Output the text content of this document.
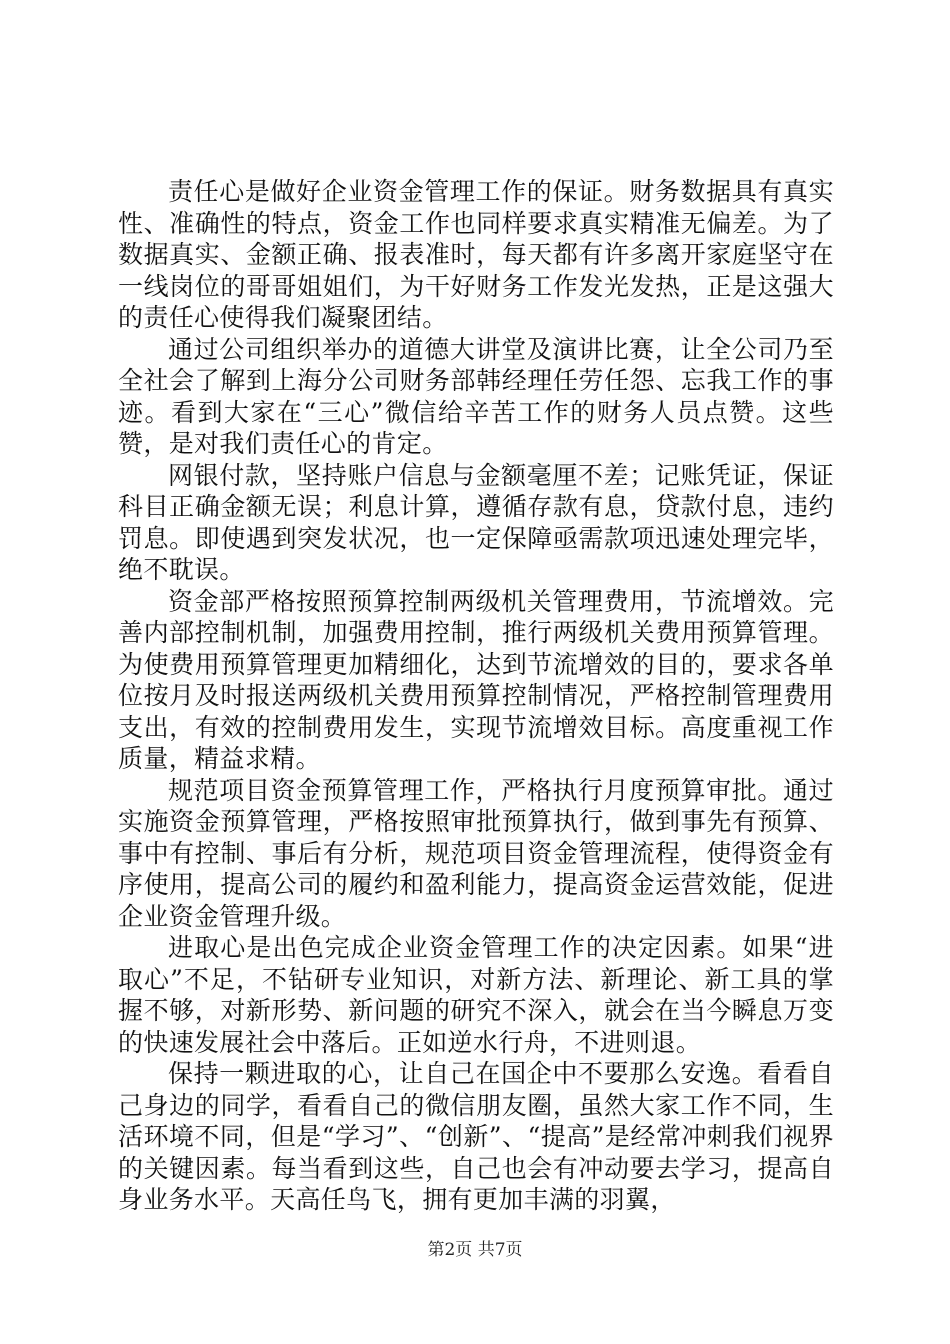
责任心是做好企业资金管理工作的保证。财务数据具有真实性、准确性的特点，资金工作也同样要求真实精准无偏差。为了数据真实、金额正确、报表准时，每天都有许多离开家庭坚守在一线岗位的哥哥姐姐们，为干好财务工作发光发热，正是这强大的责任心使得我们凝聚团结。

通过公司组织举办的道德大讲堂及演讲比赛，让全公司乃至全社会了解到上海分公司财务部韩经理任劳任怨、忘我工作的事迹。看到大家在“三心”微信给辛苦工作的财务人员点赞。这些赞，是对我们责任心的肯定。

网银付款，坚持账户信息与金额毫厘不差；记账凭证，保证科目正确金额无误；利息计算，遵循存款有息，贷款付息，违约罚息。即使遇到突发状况，也一定保障亟需款项迅速处理完毕，绝不耽误。

资金部严格按照预算控制两级机关管理费用，节流增效。完善内部控制机制，加强费用控制，推行两级机关费用预算管理。为使费用预算管理更加精细化，达到节流增效的目的，要求各单位按月及时报送两级机关费用预算控制情况，严格控制管理费用支出，有效的控制费用发生，实现节流增效目标。高度重视工作质量，精益求精。

规范项目资金预算管理工作，严格执行月度预算审批。通过实施资金预算管理，严格按照审批预算执行，做到事先有预算、事中有控制、事后有分析，规范项目资金管理流程，使得资金有序使用，提高公司的履约和盈利能力，提高资金运营效能，促进企业资金管理升级。

进取心是出色完成企业资金管理工作的决定因素。如果“进取心”不足，不钻研专业知识，对新方法、新理论、新工具的掌握不够，对新形势、新问题的研究不深入，就会在当今瞬息万变的快速发展社会中落后。正如逆水行舟，不进则退。

保持一颗进取的心，让自己在国企中不要那么安逸。看看自己身边的同学，看看自己的微信朋友圈，虽然大家工作不同，生活环境不同，但是“学习”、“创新”、“提高”是经常冲刺我们视界的关键因素。每当看到这些，自己也会有冲动要去学习，提高自身业务水平。天高任鸟飞，拥有更加丰满的羽翼，

第2页 共7页
